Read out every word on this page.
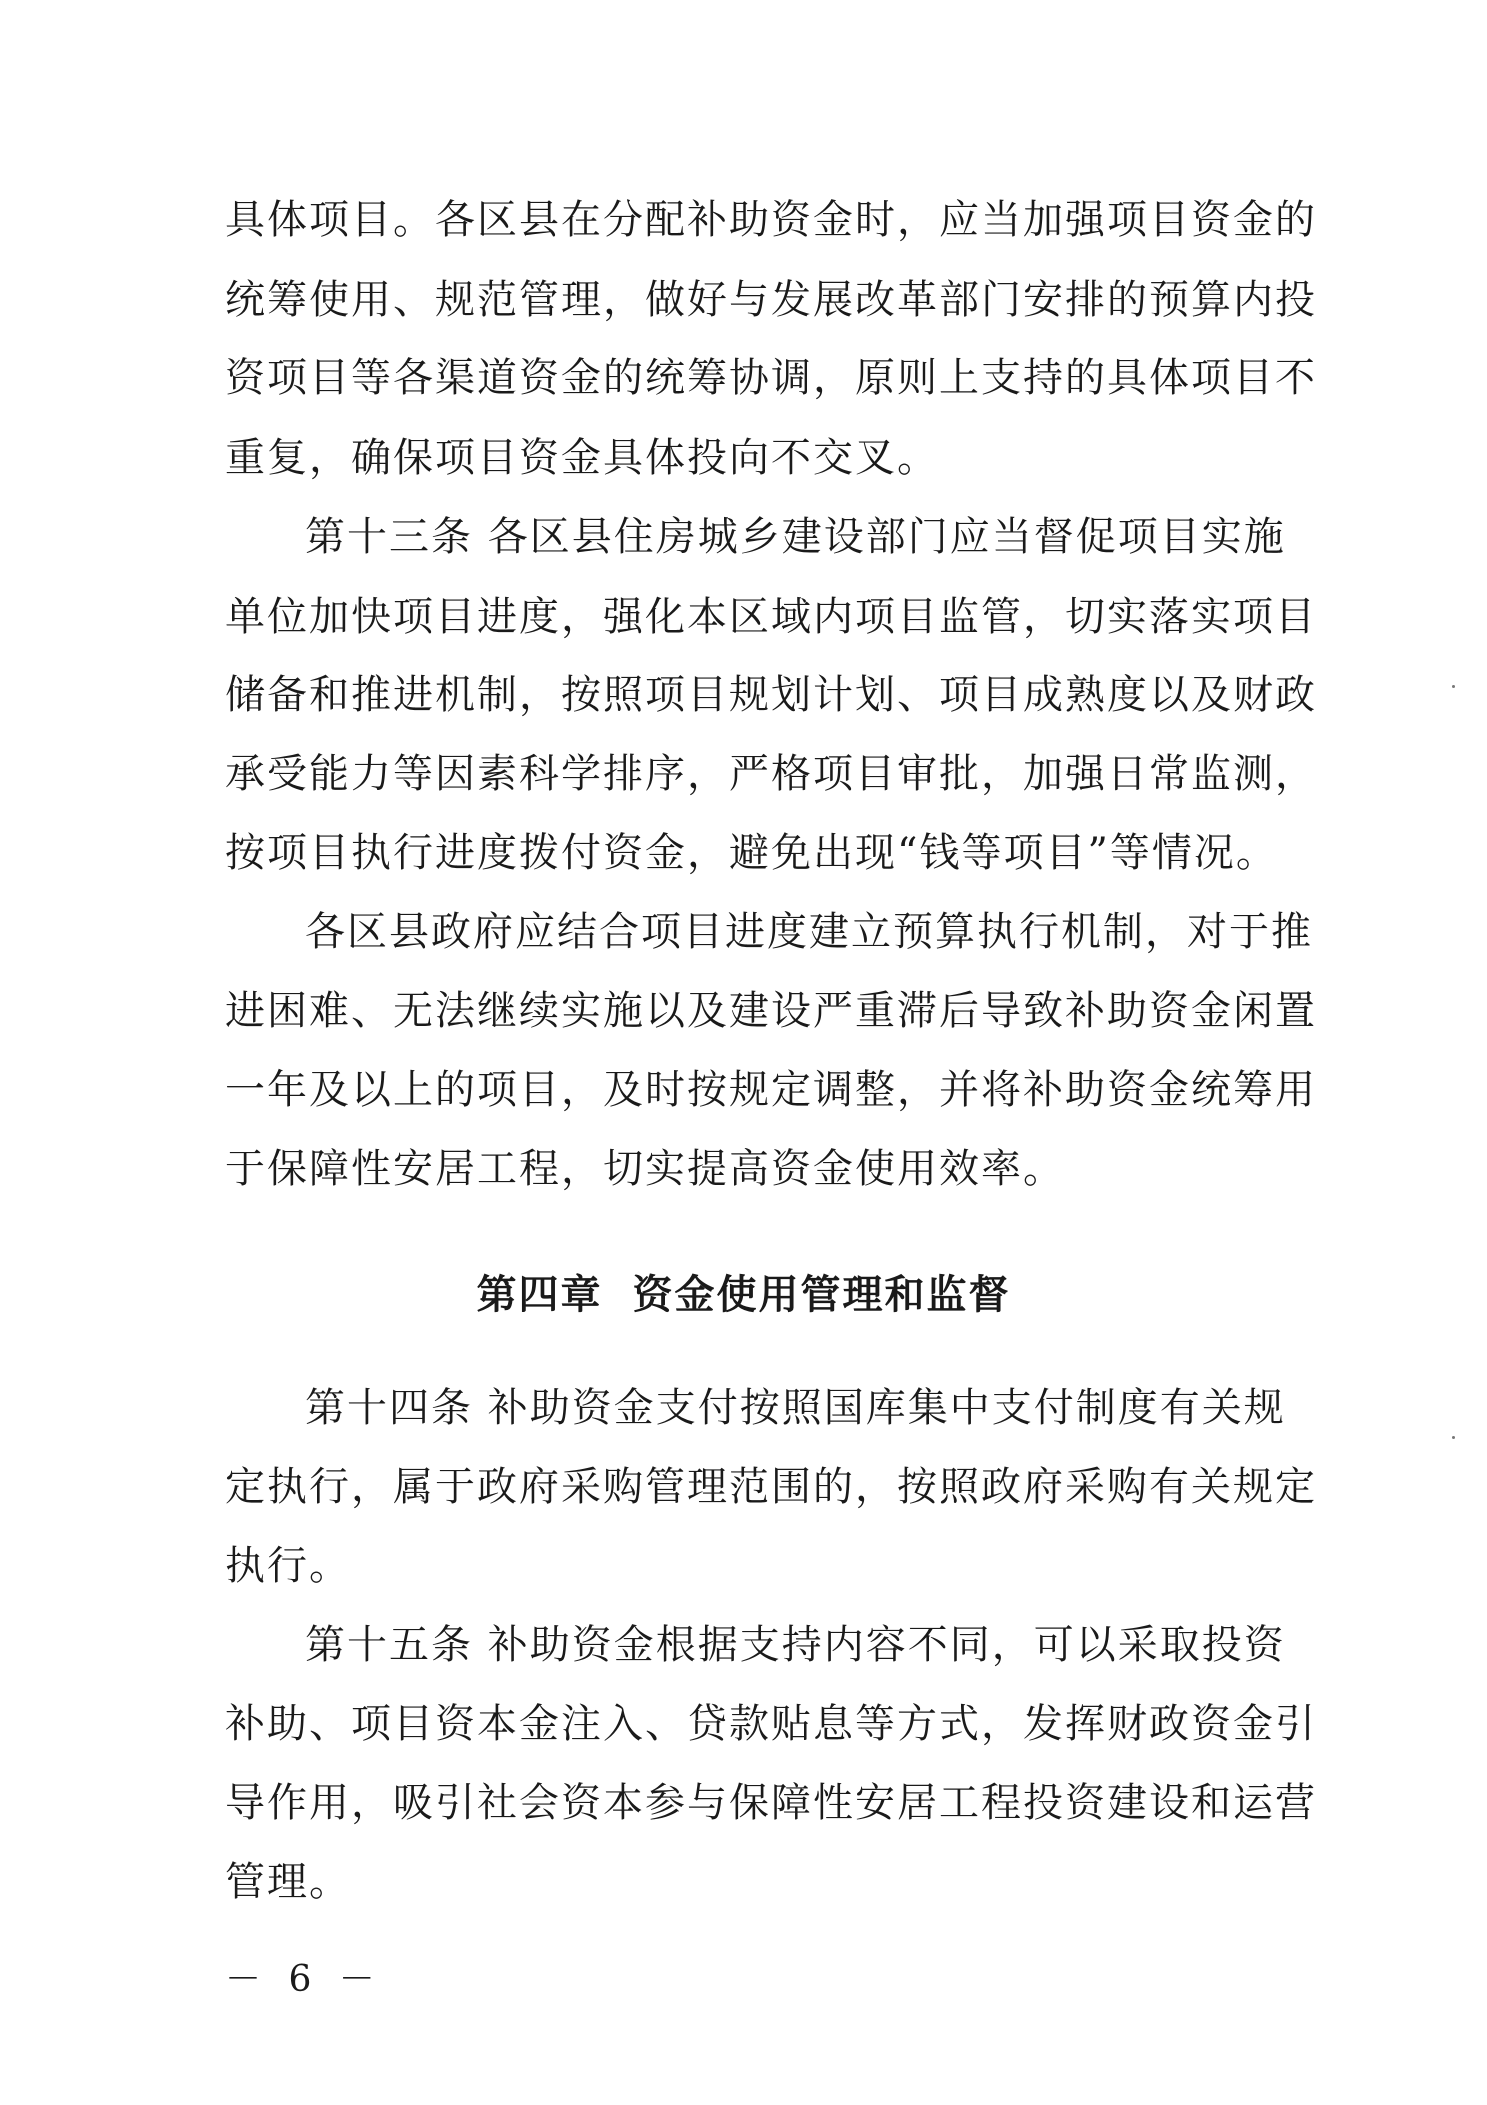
具体项目。各区县在分配补助资金时，应当加强项目资金的
统筹使用、规范管理，做好与发展改革部门安排的预算内投
资项目等各渠道资金的统筹协调，原则上支持的具体项目不
重复，确保项目资金具体投向不交叉。
第十三条 各区县住房城乡建设部门应当督促项目实施
单位加快项目进度，强化本区域内项目监管，切实落实项目
储备和推进机制，按照项目规划计划、项目成熟度以及财政
承受能力等因素科学排序，严格项目审批，加强日常监测，
按项目执行进度拨付资金，避免出现“钱等项目”等情况。
各区县政府应结合项目进度建立预算执行机制，对于推
进困难、无法继续实施以及建设严重滞后导致补助资金闲置
一年及以上的项目，及时按规定调整，并将补助资金统筹用
于保障性安居工程，切实提高资金使用效率。
第四章 资金使用管理和监督
第十四条 补助资金支付按照国库集中支付制度有关规
定执行，属于政府采购管理范围的，按照政府采购有关规定
执行。
第十五条 补助资金根据支持内容不同，可以采取投资
补助、项目资本金注入、贷款贴息等方式，发挥财政资金引
导作用，吸引社会资本参与保障性安居工程投资建设和运营
管理。
－ 6 －
